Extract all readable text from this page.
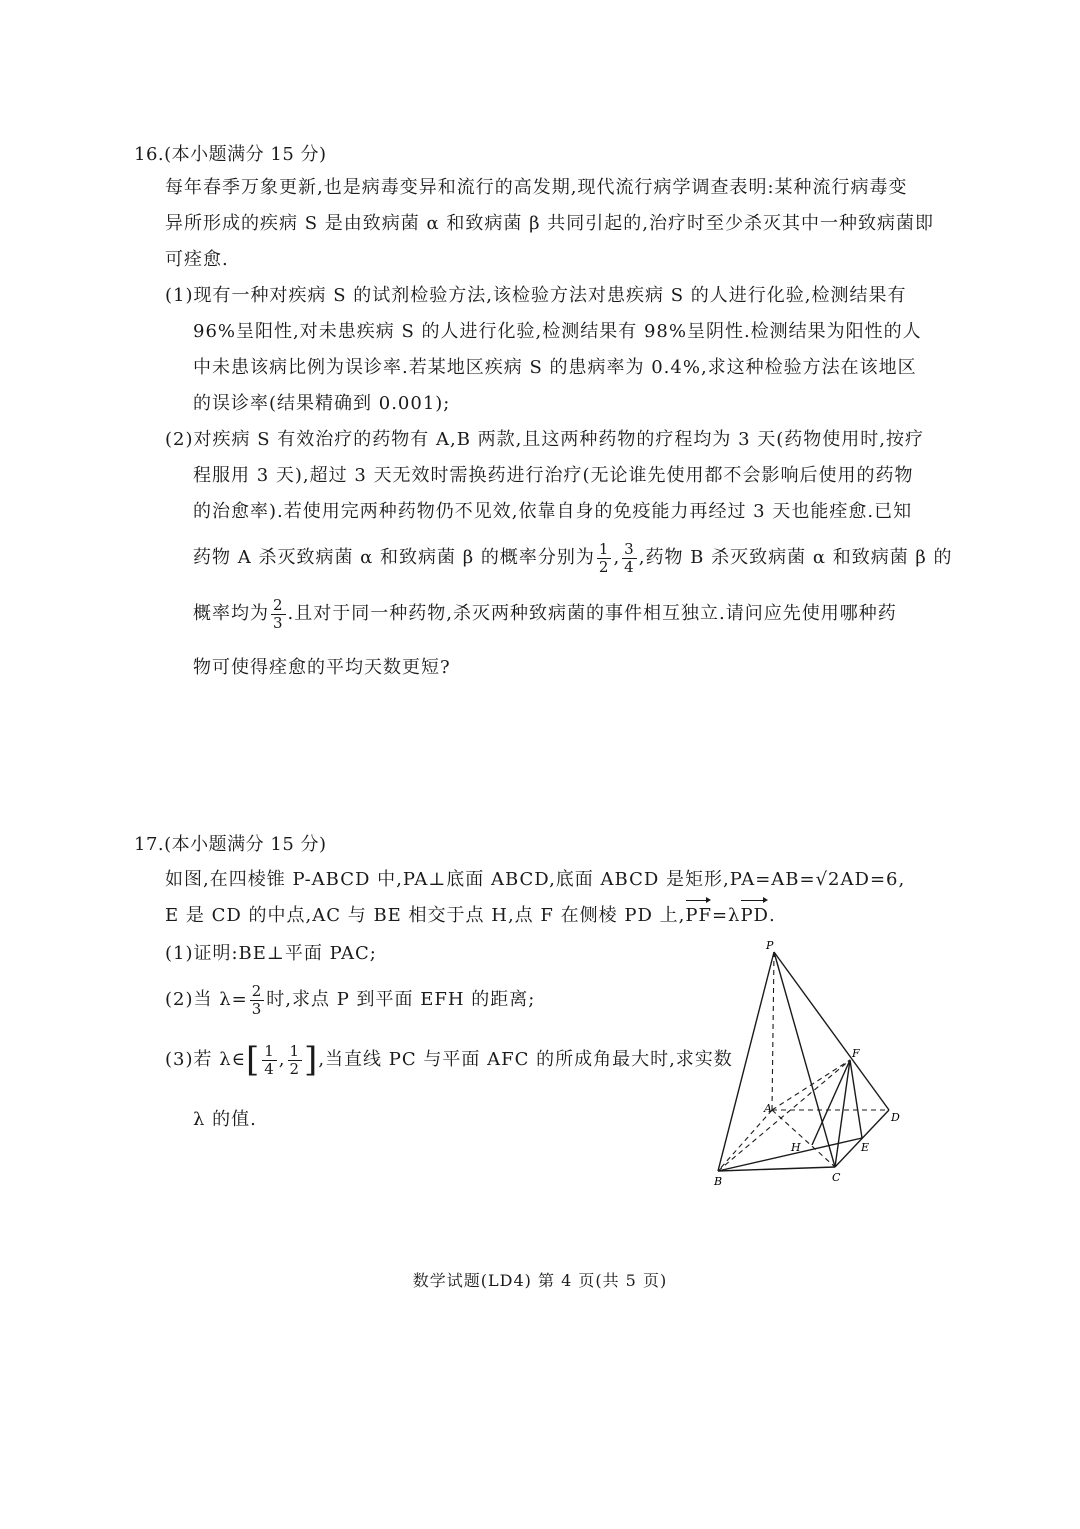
16.(本小题满分 15 分)
每年春季万象更新,也是病毒变异和流行的高发期,现代流行病学调查表明:某种流行病毒变
异所形成的疾病 S 是由致病菌 α 和致病菌 β 共同引起的,治疗时至少杀灭其中一种致病菌即
可痊愈.
(1)现有一种对疾病 S 的试剂检验方法,该检验方法对患疾病 S 的人进行化验,检测结果有
96%呈阳性,对未患疾病 S 的人进行化验,检测结果有 98%呈阴性.检测结果为阳性的人
中未患该病比例为误诊率.若某地区疾病 S 的患病率为 0.4%,求这种检验方法在该地区
的误诊率(结果精确到 0.001);
(2)对疾病 S 有效治疗的药物有 A,B 两款,且这两种药物的疗程均为 3 天(药物使用时,按疗
程服用 3 天),超过 3 天无效时需换药进行治疗(无论谁先使用都不会影响后使用的药物
的治愈率).若使用完两种药物仍不见效,依靠自身的免疫能力再经过 3 天也能痊愈.已知
药物 A 杀灭致病菌 α 和致病菌 β 的概率分别为 $\frac{1}{2}$ , $\frac{3}{4}$ ,药物 B 杀灭致病菌 α 和致病菌 β 的
概率均为 $\frac{2}{3}$ .且对于同一种药物,杀灭两种致病菌的事件相互独立.请问应先使用哪种药
物可使得痊愈的平均天数更短?
17.(本小题满分 15 分)
如图,在四棱锥 P-ABCD 中,PA⊥底面 ABCD,底面 ABCD 是矩形,PA=AB=√2AD=6,
E 是 CD 的中点,AC 与 BE 相交于点 H,点 F 在侧棱 PD 上,PF=λPD.
(1)证明:BE⊥平面 PAC;
(2)当 $\lambda= \frac{2}{3}$ 时,求点 P 到平面 EFH 的距离;
(3)若 λ∈[ $\frac{1}{4}$ , $\frac{1}{2}$ ],当直线 PC 与平面 AFC 的所成角最大时,求实数
λ 的值.
P
A
B	C
D
E
F
H
数学试题(LD4) 第 4 页(共 5 页)
